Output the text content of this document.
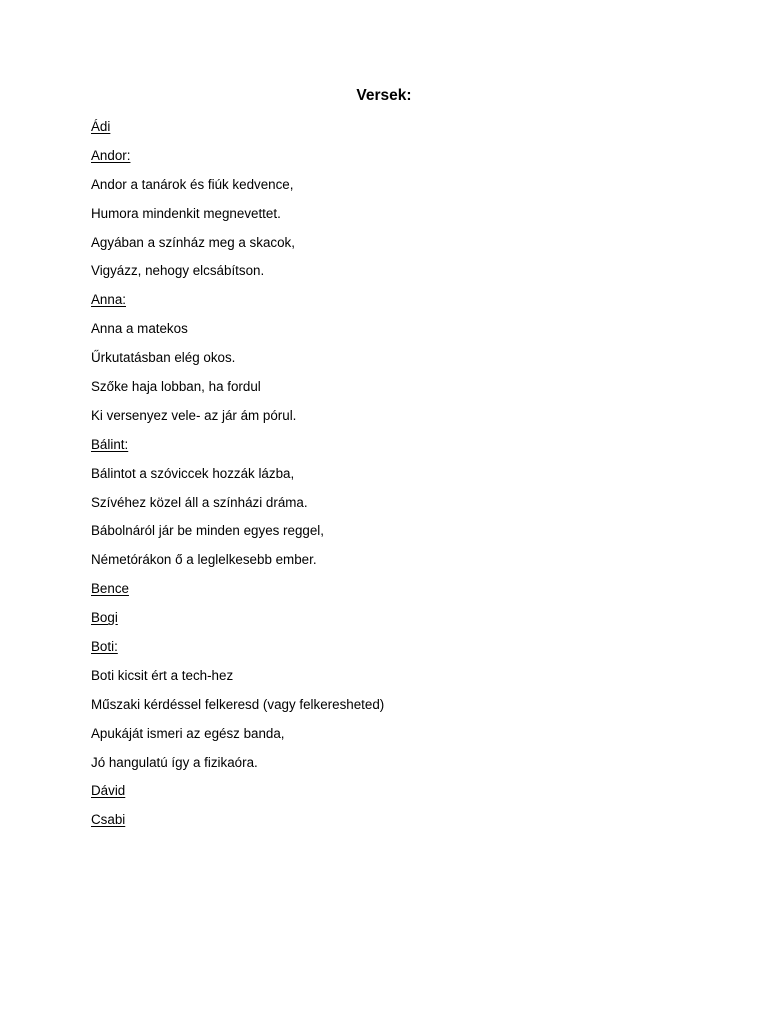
Versek:
Ádi
Andor:
Andor a tanárok és fiúk kedvence,
Humora mindenkit megnevettet.
Agyában a színház meg a skacok,
Vigyázz, nehogy elcsábítson.
Anna:
Anna a matekos
Űrkutatásban elég okos.
Szőke haja lobban, ha fordul
Ki versenyez vele- az jár ám pórul.
Bálint:
Bálintot a szóviccek hozzák lázba,
Szívéhez közel áll a színházi dráma.
Bábolnáról jár be minden egyes reggel,
Németórákon ő a leglelkesebb ember.
Bence
Bogi
Boti:
Boti kicsit ért a tech-hez
Műszaki kérdéssel felkeresd (vagy felkeresheted)
Apukáját ismeri az egész banda,
Jó hangulatú így a fizikaóra.
Dávid
Csabi
